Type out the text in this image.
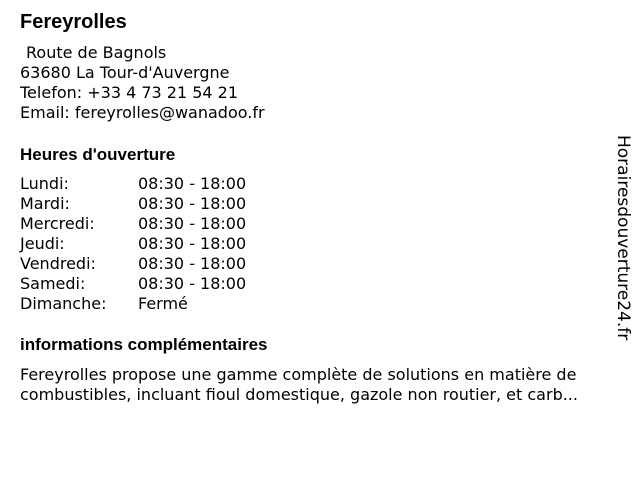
Fereyrolles
Route de Bagnols
63680 La Tour-d'Auvergne
Telefon: +33 4 73 21 54 21
Email: fereyrolles@wanadoo.fr
Heures d'ouverture
Lundi:	08:30 - 18:00
Mardi:	08:30 - 18:00
Mercredi:	08:30 - 18:00
Jeudi:	08:30 - 18:00
Vendredi:	08:30 - 18:00
Samedi:	08:30 - 18:00
Dimanche:	Fermé
informations complémentaires
Fereyrolles propose une gamme complète de solutions en matière de
combustibles, incluant fioul domestique, gazole non routier, et carb...
Horairesdouverture24.fr
